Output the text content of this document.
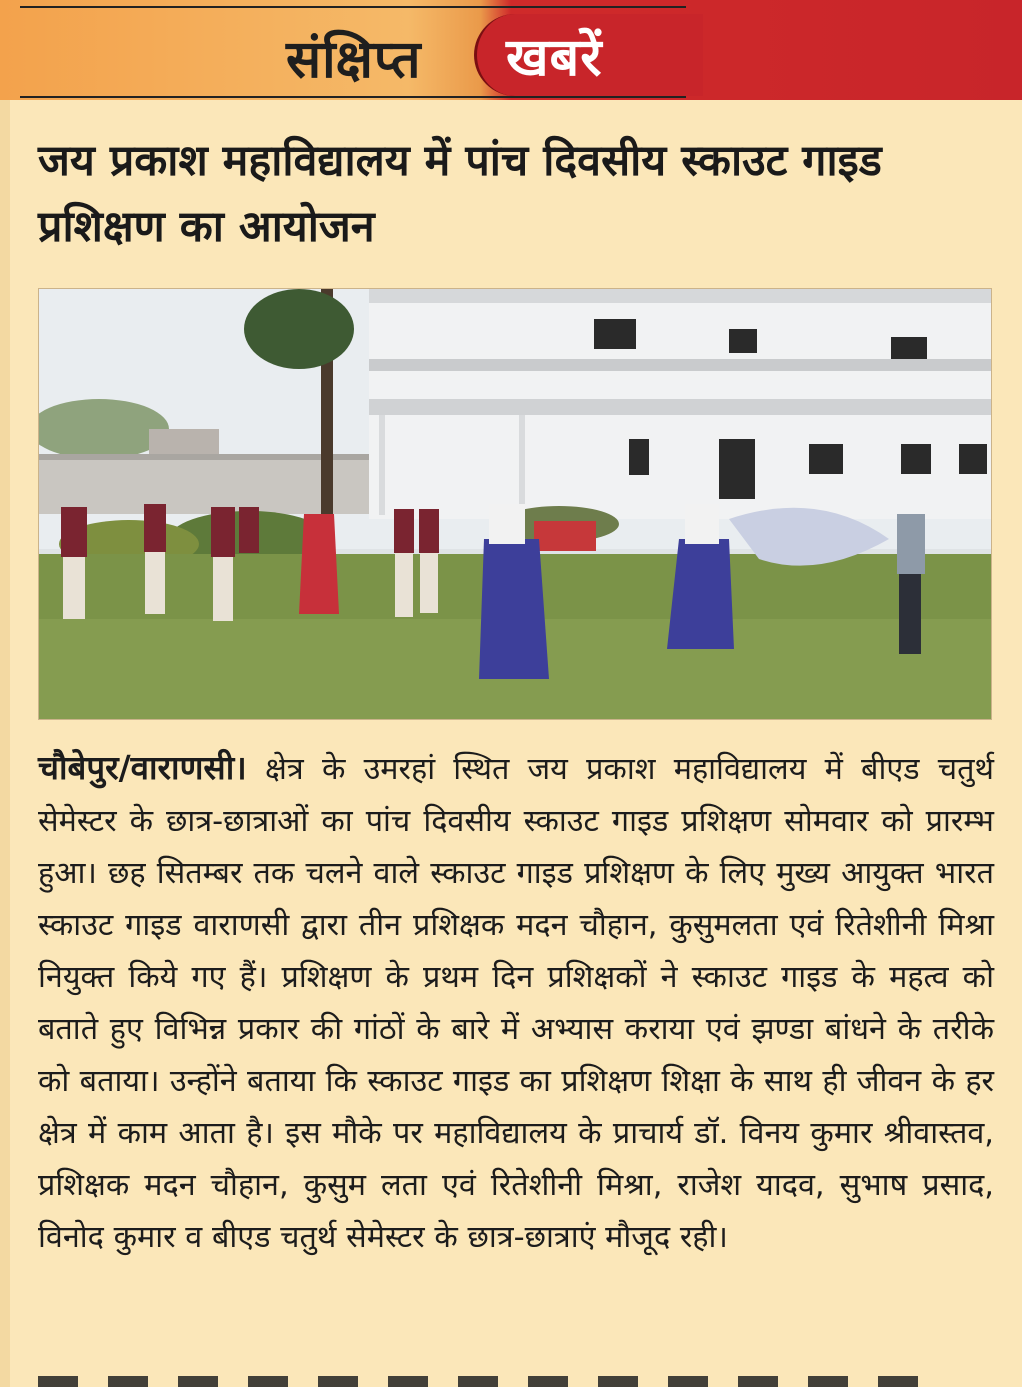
संक्षिप्त खबरें
जय प्रकाश महाविद्यालय में पांच दिवसीय स्काउट गाइड प्रशिक्षण का आयोजन

चौबेपुर/वाराणसी। क्षेत्र के उमरहां स्थित जय प्रकाश महाविद्यालय में बीएड चतुर्थ सेमेस्टर के छात्र-छात्राओं का पांच दिवसीय स्काउट गाइड प्रशिक्षण सोमवार को प्रारम्भ हुआ। छह सितम्बर तक चलने वाले स्काउट गाइड प्रशिक्षण के लिए मुख्य आयुक्त भारत स्काउट गाइड वाराणसी द्वारा तीन प्रशिक्षक मदन चौहान, कुसुमलता एवं रितेशीनी मिश्रा नियुक्त किये गए हैं। प्रशिक्षण के प्रथम दिन प्रशिक्षकों ने स्काउट गाइड के महत्व को बताते हुए विभिन्न प्रकार की गांठों के बारे में अभ्यास कराया एवं झण्डा बांधने के तरीके को बताया। उन्होंने बताया कि स्काउट गाइड का प्रशिक्षण शिक्षा के साथ ही जीवन के हर क्षेत्र में काम आता है। इस मौके पर महाविद्यालय के प्राचार्य डॉ. विनय कुमार श्रीवास्तव, प्रशिक्षक मदन चौहान, कुसुम लता एवं रितेशीनी मिश्रा, राजेश यादव, सुभाष प्रसाद, विनोद कुमार व बीएड चतुर्थ सेमेस्टर के छात्र-छात्राएं मौजूद रही।
